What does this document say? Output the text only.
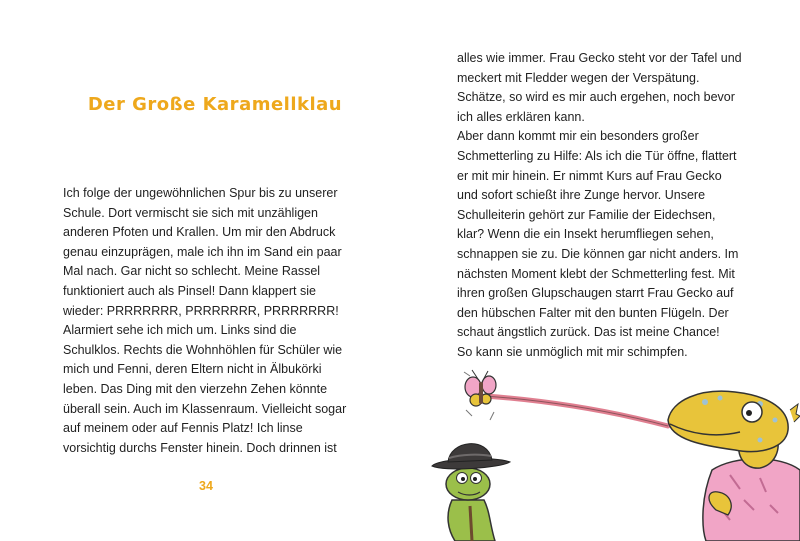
Der Große Karamellklau
Ich folge der ungewöhnlichen Spur bis zu unserer
Schule. Dort vermischt sie sich mit unzähligen
anderen Pfoten und Krallen. Um mir den Abdruck
genau einzuprägen, male ich ihn im Sand ein paar
Mal nach. Gar nicht so schlecht. Meine Rassel
funktioniert auch als Pinsel! Dann klappert sie
wieder: PRRRRRRR, PRRRRRRR, PRRRRRRR!
Alarmiert sehe ich mich um. Links sind die
Schulklos. Rechts die Wohnhöhlen für Schüler wie
mich und Fenni, deren Eltern nicht in Älbukörki
leben. Das Ding mit den vierzehn Zehen könnte
überall sein. Auch im Klassenraum. Vielleicht sogar
auf meinem oder auf Fennis Platz! Ich linse
vorsichtig durchs Fenster hinein. Doch drinnen ist
34
alles wie immer. Frau Gecko steht vor der Tafel und
meckert mit Fledder wegen der Verspätung.
Schätze, so wird es mir auch ergehen, noch bevor
ich alles erklären kann.
Aber dann kommt mir ein besonders großer
Schmetterling zu Hilfe: Als ich die Tür öffne, flattert
er mit mir hinein. Er nimmt Kurs auf Frau Gecko
und sofort schießt ihre Zunge hervor. Unsere
Schulleiterin gehört zur Familie der Eidechsen,
klar? Wenn die ein Insekt herumfliegen sehen,
schnappen sie zu. Die können gar nicht anders. Im
nächsten Moment klebt der Schmetterling fest. Mit
ihren großen Glupschaugen starrt Frau Gecko auf
den hübschen Falter mit den bunten Flügeln. Der
schaut ängstlich zurück. Das ist meine Chance!
So kann sie unmöglich mit mir schimpfen.
